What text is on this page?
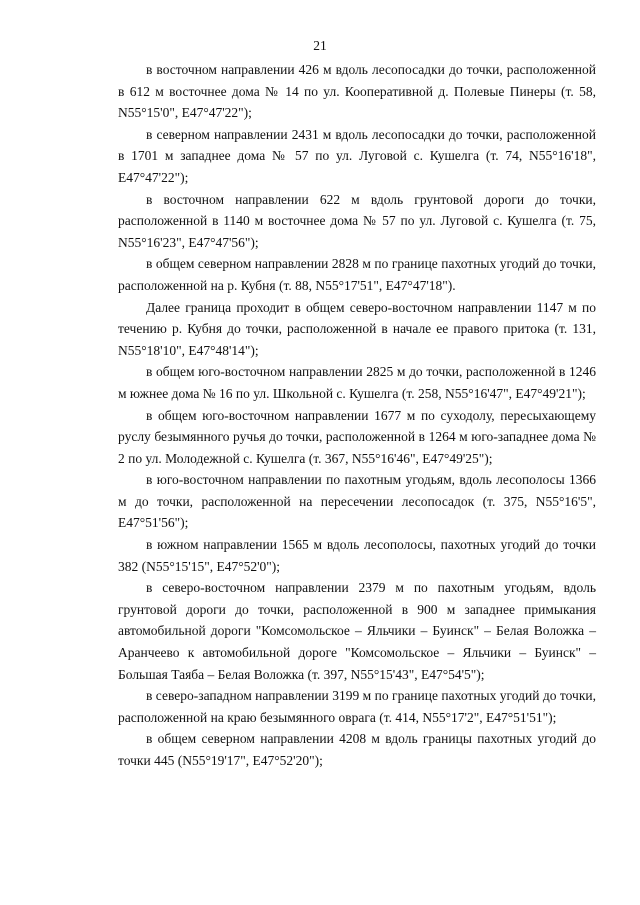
21

в восточном направлении 426 м вдоль лесопосадки до точки, расположенной в 612 м восточнее дома № 14 по ул. Кооперативной д. Полевые Пинеры (т. 58, N55°15'0", E47°47'22");

в северном направлении 2431 м вдоль лесопосадки до точки, расположенной в 1701 м западнее дома № 57 по ул. Луговой с. Кушелга (т. 74, N55°16'18", E47°47'22");

в восточном направлении 622 м вдоль грунтовой дороги до точки, расположенной в 1140 м восточнее дома № 57 по ул. Луговой с. Кушелга (т. 75, N55°16'23", E47°47'56");

в общем северном направлении 2828 м по границе пахотных угодий до точки, расположенной на р. Кубня (т. 88, N55°17'51", E47°47'18").

Далее граница проходит в общем северо-восточном направлении 1147 м по течению р. Кубня до точки, расположенной в начале ее правого притока (т. 131, N55°18'10", E47°48'14");

в общем юго-восточном направлении 2825 м до точки, расположенной в 1246 м южнее дома № 16 по ул. Школьной с. Кушелга (т. 258, N55°16'47", E47°49'21");

в общем юго-восточном направлении 1677 м по суходолу, пересыхающему руслу безымянного ручья до точки, расположенной в 1264 м юго-западнее дома № 2 по ул. Молодежной с. Кушелга (т. 367, N55°16'46", E47°49'25");

в юго-восточном направлении по пахотным угодьям, вдоль лесополосы 1366 м до точки, расположенной на пересечении лесопосадок (т. 375, N55°16'5", E47°51'56");

в южном направлении 1565 м вдоль лесополосы, пахотных угодий до точки 382 (N55°15'15", E47°52'0");

в северо-восточном направлении 2379 м по пахотным угодьям, вдоль грунтовой дороги до точки, расположенной в 900 м западнее примыкания автомобильной дороги "Комсомольское – Яльчики – Буинск" – Белая Воложка – Аранчеево к автомобильной дороге "Комсомольское – Яльчики – Буинск" – Большая Таяба – Белая Воложка (т. 397, N55°15'43", E47°54'5");

в северо-западном направлении 3199 м по границе пахотных угодий до точки, расположенной на краю безымянного оврага (т. 414, N55°17'2", E47°51'51");

в общем северном направлении 4208 м вдоль границы пахотных угодий до точки 445 (N55°19'17", E47°52'20");
